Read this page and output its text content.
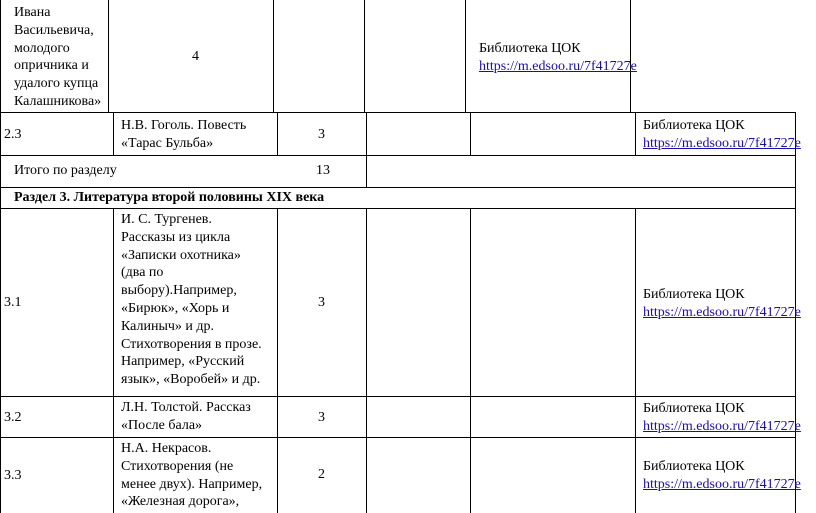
Ивана
Васильевича,
молодого
опричника и
удалого купца
Калашникова»
4
Библиотека ЦОК
https://m.edsoo.ru/7f41727e
2.3
Н.В. Гоголь. Повесть
«Тарас Бульба»
3
Библиотека ЦОК
https://m.edsoo.ru/7f41727e
Итого по разделу	13
Раздел 3. Литература второй половины XIX века
3.1
И. С. Тургенев.
Рассказы из цикла
«Записки охотника»
(два по
выбору).Например,
«Бирюк», «Хорь и
Калиныч» и др.
Стихотворения в прозе.
Например, «Русский
язык», «Воробей» и др.
3
Библиотека ЦОК
https://m.edsoo.ru/7f41727e
3.2
Л.Н. Толстой. Рассказ
«После бала»
3
Библиотека ЦОК
https://m.edsoo.ru/7f41727e
3.3
Н.А. Некрасов.
Стихотворения (не
менее двух). Например,
«Железная дорога»,
2
Библиотека ЦОК
https://m.edsoo.ru/7f41727e
